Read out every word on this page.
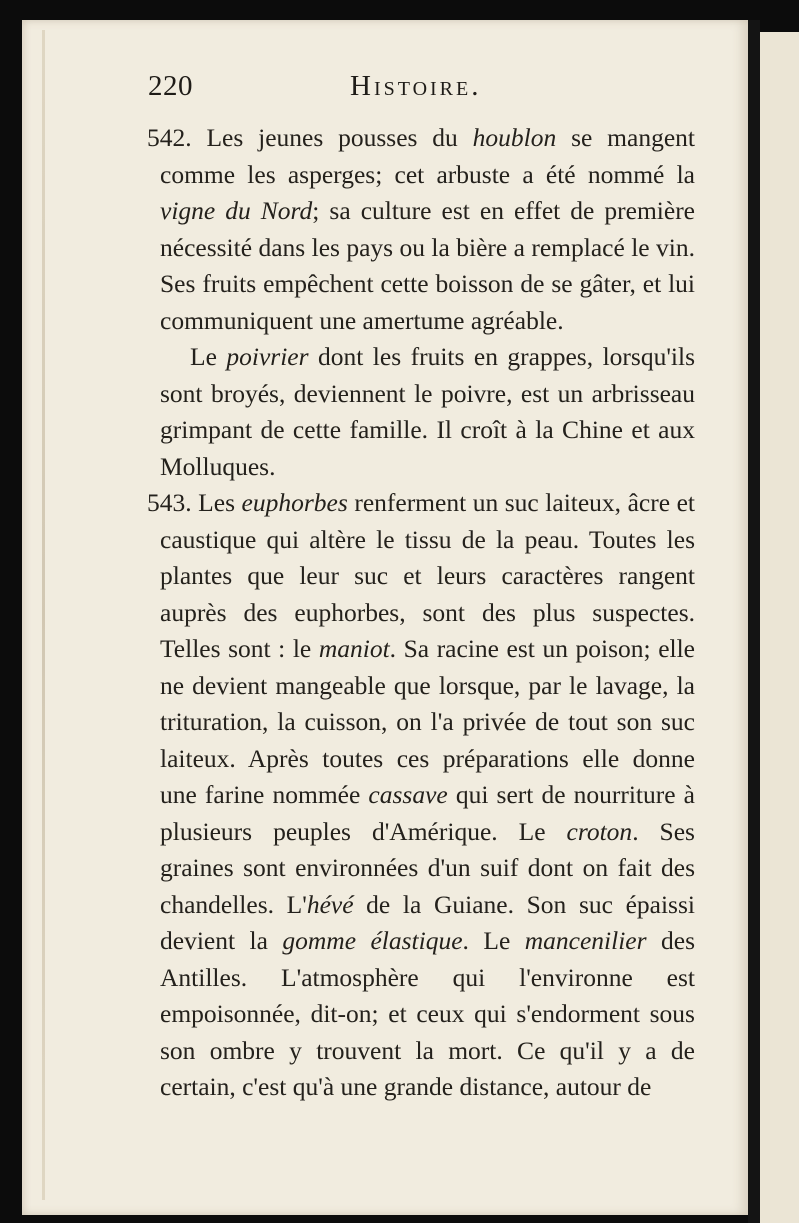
220	Histoire.

542. Les jeunes pousses du houblon se mangent comme les asperges; cet arbuste a été nommé la vigne du Nord; sa culture est en effet de première nécessité dans les pays ou la bière a remplacé le vin. Ses fruits empêchent cette boisson de se gâter, et lui communiquent une amertume agréable.

Le poivrier dont les fruits en grappes, lorsqu'ils sont broyés, deviennent le poivre, est un arbrisseau grimpant de cette famille. Il croît à la Chine et aux Molluques.

543. Les euphorbes renferment un suc laiteux, âcre et caustique qui altère le tissu de la peau. Toutes les plantes que leur suc et leurs caractères rangent auprès des euphorbes, sont des plus suspectes. Telles sont : le maniot. Sa racine est un poison; elle ne devient mangeable que lorsque, par le lavage, la trituration, la cuisson, on l'a privée de tout son suc laiteux. Après toutes ces préparations elle donne une farine nommée cassave qui sert de nourriture à plusieurs peuples d'Amérique. Le croton. Ses graines sont environnées d'un suif dont on fait des chandelles. L'hévé de la Guiane. Son suc épaissi devient la gomme élastique. Le mancenilier des Antilles. L'atmosphère qui l'environne est empoisonnée, dit-on; et ceux qui s'endorment sous son ombre y trouvent la mort. Ce qu'il y a de certain, c'est qu'à une grande distance, autour de
